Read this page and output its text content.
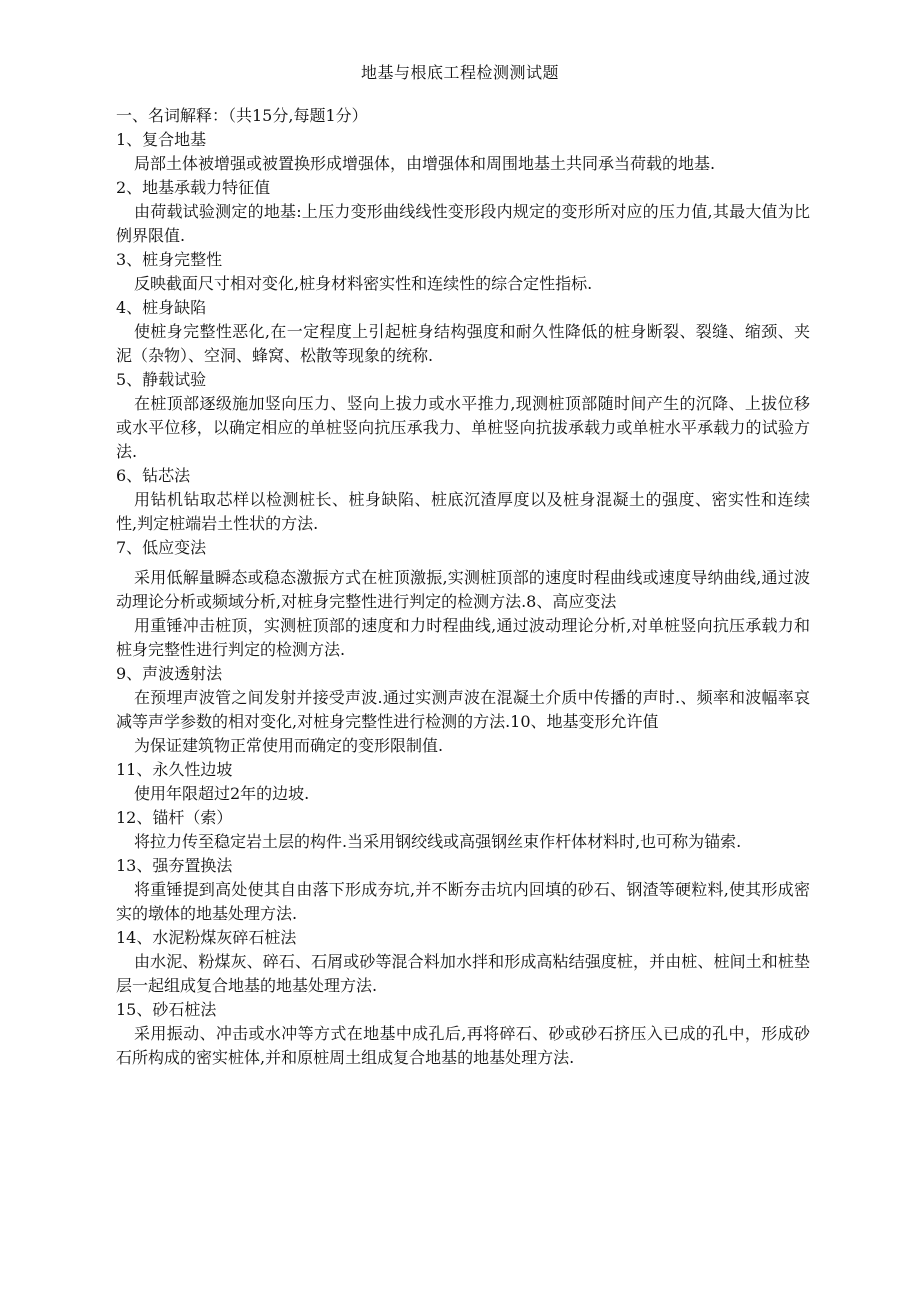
地基与根底工程检测测试题

一、名词解释：（共15分,每题1分）

1、复合地基

局部土体被增强或被置换形成增强体，由增强体和周围地基土共同承当荷载的地基.

2、地基承载力特征值

由荷载试验测定的地基:上压力变形曲线线性变形段内规定的变形所对应的压力值,其最大值为比例界限值.

3、桩身完整性

反映截面尺寸相对变化,桩身材料密实性和连续性的综合定性指标.

4、桩身缺陷

使桩身完整性恶化,在一定程度上引起桩身结构强度和耐久性降低的桩身断裂、裂缝、缩颈、夹泥（杂物）、空洞、蜂窝、松散等现象的统称.

5、静载试验

在桩顶部逐级施加竖向压力、竖向上拔力或水平推力,现测桩顶部随时间产生的沉降、上拔位移或水平位移，以确定相应的单桩竖向抗压承我力、单桩竖向抗拔承载力或单桩水平承载力的试验方法.

6、钻芯法

用钻机钻取芯样以检测桩长、桩身缺陷、桩底沉渣厚度以及桩身混凝土的强度、密实性和连续性,判定桩端岩土性状的方法.

7、低应变法

采用低解量瞬态或稳态激振方式在桩顶激振,实测桩顶部的速度时程曲线或速度导纳曲线,通过波动理论分析或频域分析,对桩身完整性进行判定的检测方法.8、高应变法

用重锤冲击桩顶，实测桩顶部的速度和力时程曲线,通过波动理论分析,对单桩竖向抗压承载力和桩身完整性进行判定的检测方法.

9、声波透射法

在预埋声波管之间发射并接受声波.通过实测声波在混凝土介质中传播的声时.、频率和波幅率哀减等声学参数的相对变化,对桩身完整性进行检测的方法.10、地基变形允许值

为保证建筑物正常使用而确定的变形限制值.

11、永久性边坡

使用年限超过2年的边坡.

12、锚杆（索）

将拉力传至稳定岩土层的构件.当采用钢绞线或高强钢丝束作杆体材料时,也可称为锚索.

13、强夯置换法

将重锤提到高处使其自由落下形成夯坑,并不断夯击坑内回填的砂石、钢渣等硬粒料,使其形成密实的墩体的地基处理方法.

14、水泥粉煤灰碎石桩法

由水泥、粉煤灰、碎石、石屑或砂等混合料加水拌和形成高粘结强度桩，并由桩、桩间土和桩垫层一起组成复合地基的地基处理方法.

15、砂石桩法

采用振动、冲击或水冲等方式在地基中成孔后,再将碎石、砂或砂石挤压入已成的孔中，形成砂石所构成的密实桩体,并和原桩周土组成复合地基的地基处理方法.
